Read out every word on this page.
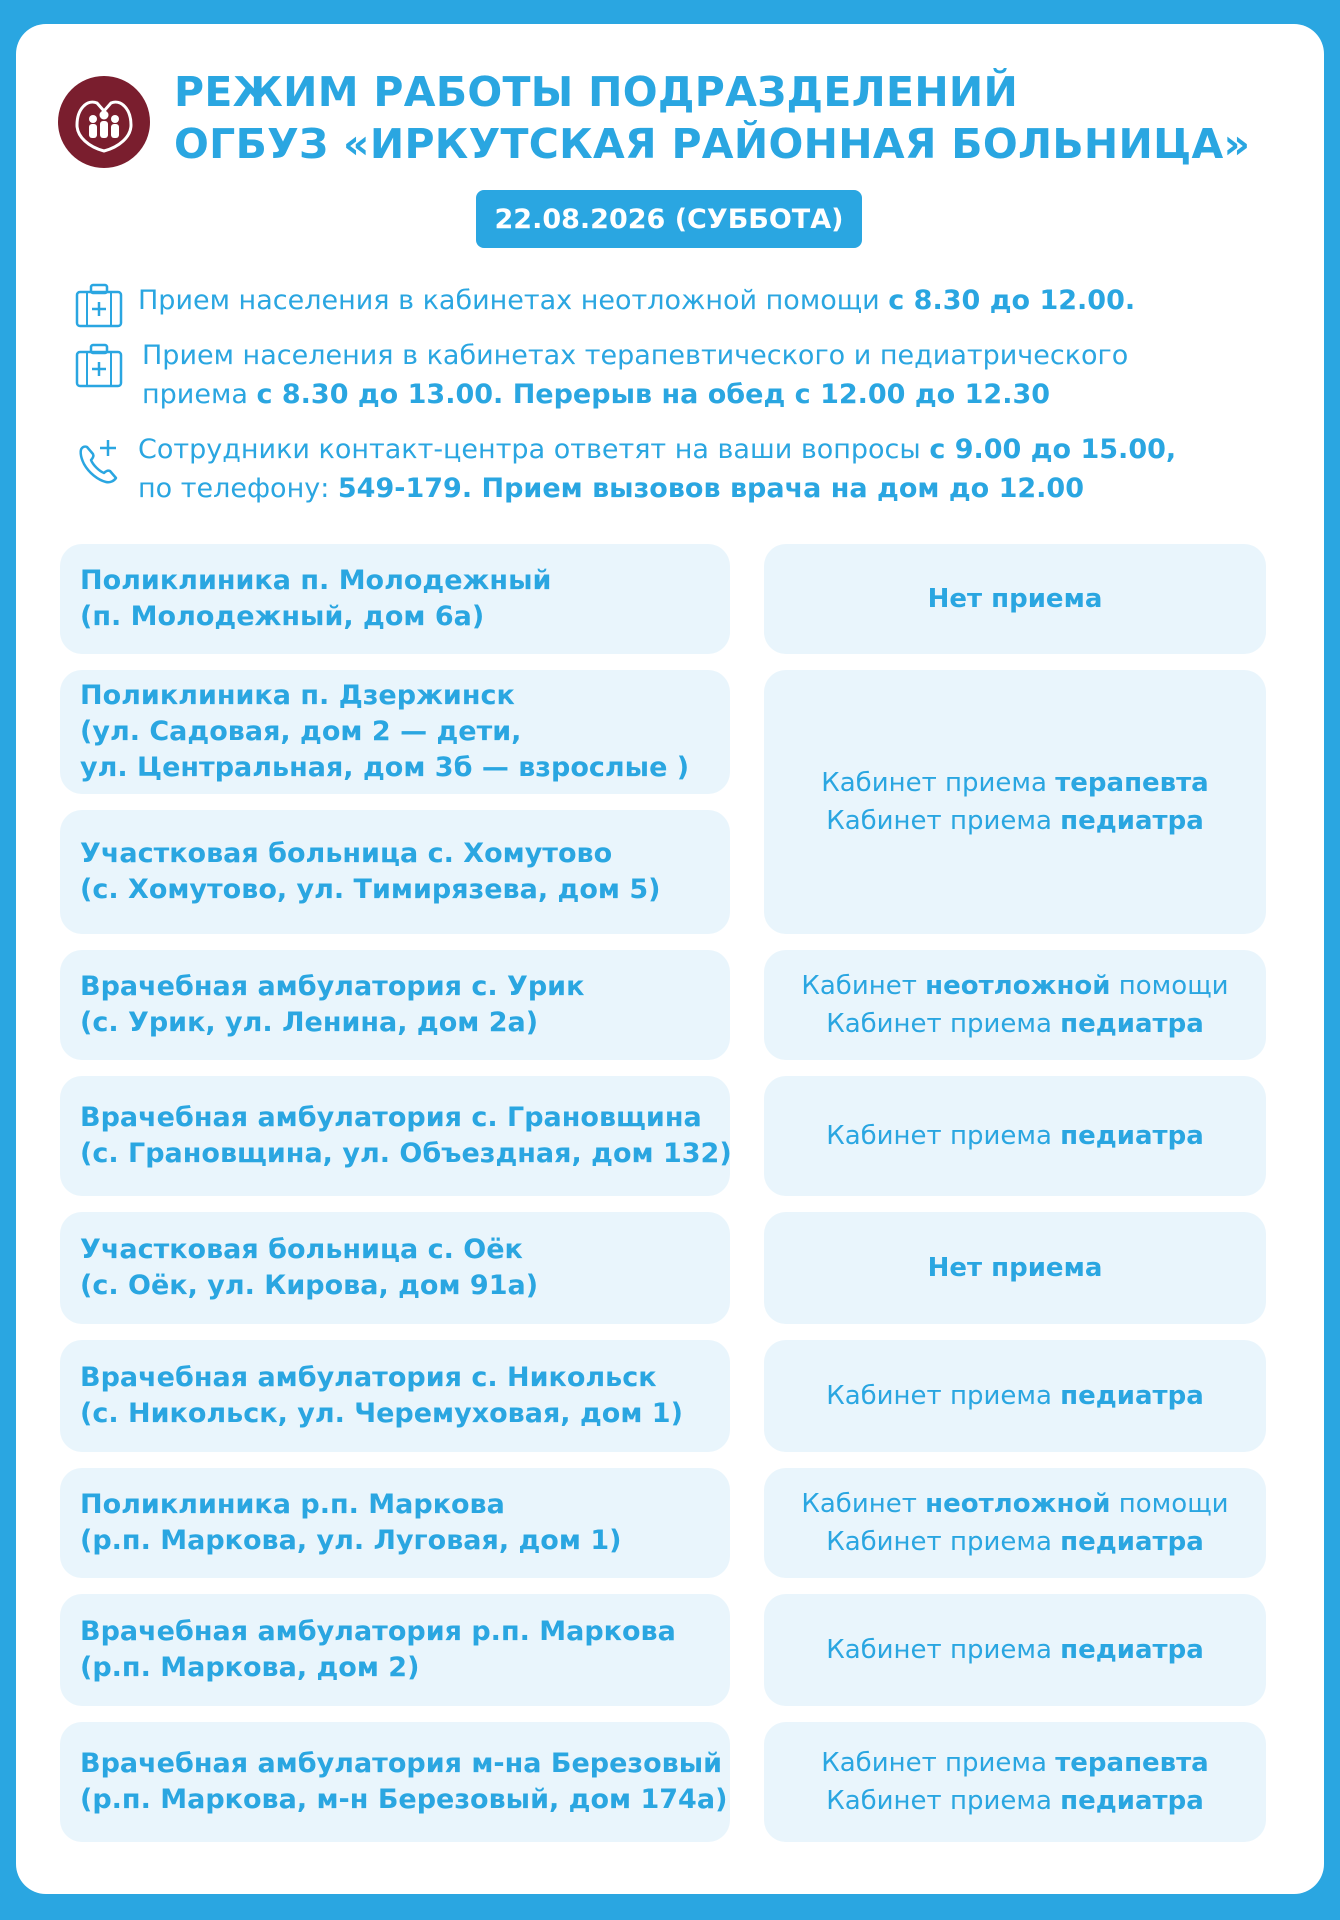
РЕЖИМ РАБОТЫ ПОДРАЗДЕЛЕНИЙ
ОГБУЗ «ИРКУТСКАЯ РАЙОННАЯ БОЛЬНИЦА»
22.08.2026 (СУББОТА)
Прием населения в кабинетах неотложной помощи с 8.30 до 12.00.
Прием населения в кабинетах терапевтического и педиатрического
приема с 8.30 до 13.00. Перерыв на обед с 12.00 до 12.30
Сотрудники контакт-центра ответят на ваши вопросы с 9.00 до 15.00,
по телефону: 549-179. Прием вызовов врача на дом до 12.00
Поликлиника п. Молодежный
(п. Молодежный, дом 6а)
Нет приема
Поликлиника п. Дзержинск
(ул. Садовая, дом 2 — дети,
ул. Центральная, дом 3б — взрослые )
Участковая больница с. Хомутово
(с. Хомутово, ул. Тимирязева, дом 5)
Кабинет приема терапевта
Кабинет приема педиатра
Врачебная амбулатория с. Урик
(с. Урик, ул. Ленина, дом 2а)
Кабинет неотложной помощи
Кабинет приема педиатра
Врачебная амбулатория с. Грановщина
(с. Грановщина, ул. Объездная, дом 132)
Кабинет приема педиатра
Участковая больница с. Оёк
(с. Оёк, ул. Кирова, дом 91а)
Нет приема
Врачебная амбулатория с. Никольск
(с. Никольск, ул. Черемуховая, дом 1)
Кабинет приема педиатра
Поликлиника р.п. Маркова
(р.п. Маркова, ул. Луговая, дом 1)
Кабинет неотложной помощи
Кабинет приема педиатра
Врачебная амбулатория р.п. Маркова
(р.п. Маркова, дом 2)
Кабинет приема педиатра
Врачебная амбулатория м-на Березовый
(р.п. Маркова, м-н Березовый, дом 174а)
Кабинет приема терапевта
Кабинет приема педиатра
